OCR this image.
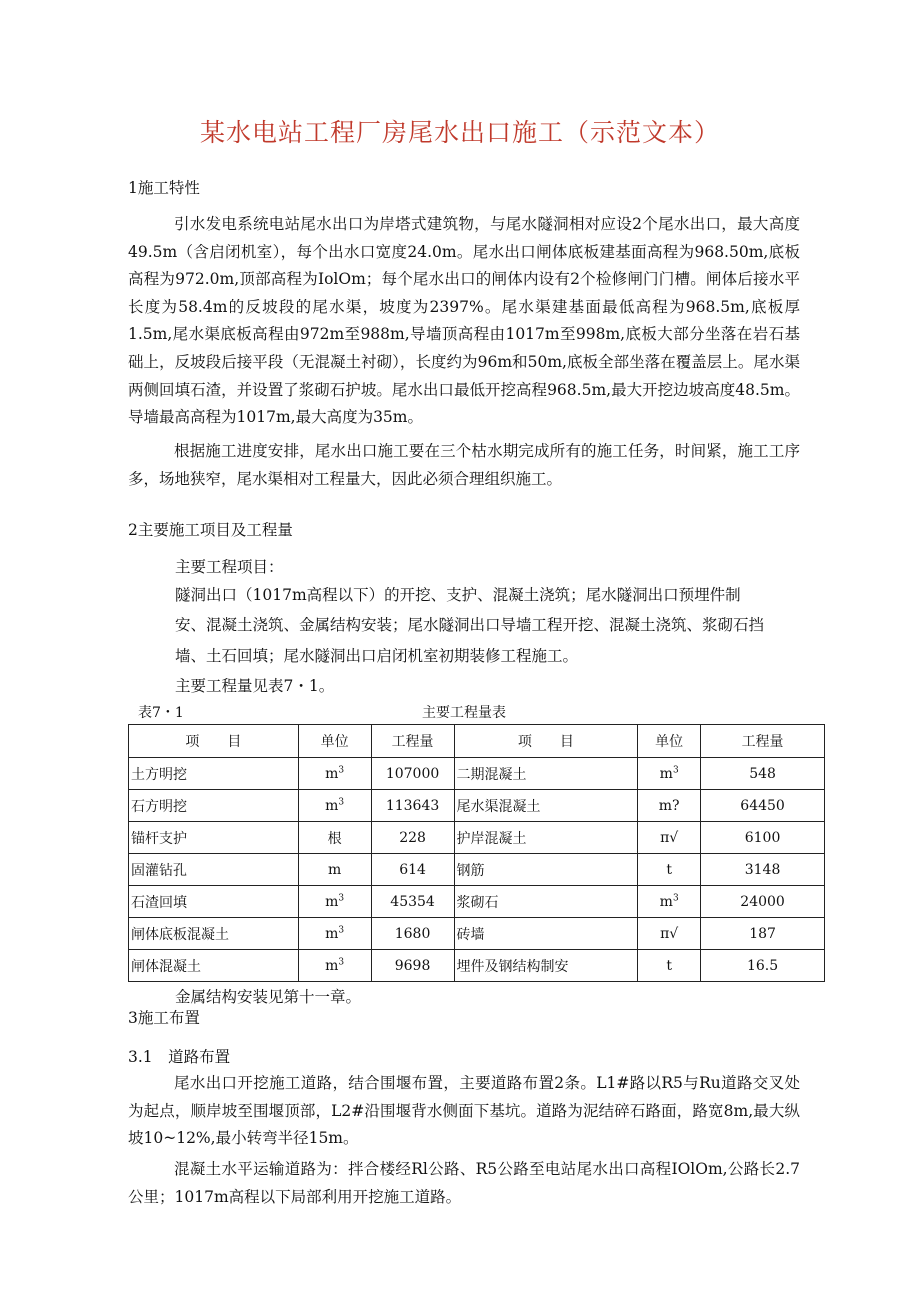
某水电站工程厂房尾水出口施工（示范文本）
1施工特性

引水发电系统电站尾水出口为岸塔式建筑物，与尾水隧洞相对应设2个尾水出口，最大高度49.5m（含启闭机室），每个出水口宽度24.0m。尾水出口闸体底板建基面高程为968.50m,底板高程为972.0m,顶部高程为IolOm；每个尾水出口的闸体内设有2个检修闸门门槽。闸体后接水平长度为58.4m的反坡段的尾水渠，坡度为2397%。尾水渠建基面最低高程为968.5m,底板厚1.5m,尾水渠底板高程由972m至988m,导墙顶高程由1017m至998m,底板大部分坐落在岩石基础上，反坡段后接平段（无混凝土衬砌），长度约为96m和50m,底板全部坐落在覆盖层上。尾水渠两侧回填石渣，并设置了浆砌石护坡。尾水出口最低开挖高程968.5m,最大开挖边坡高度48.5m。导墙最高高程为1017m,最大高度为35m。

根据施工进度安排，尾水出口施工要在三个枯水期完成所有的施工任务，时间紧，施工工序多，场地狭窄，尾水渠相对工程量大，因此必须合理组织施工。

2主要施工项目及工程量
主要工程项目：
隧洞出口（1017m高程以下）的开挖、支护、混凝土浇筑；尾水隧洞出口预埋件制
安、混凝土浇筑、金属结构安装；尾水隧洞出口导墙工程开挖、混凝土浇筑、浆砌石挡
墙、土石回填；尾水隧洞出口启闭机室初期装修工程施工。
主要工程量见表7・1。
表7・1	主要工程量表
项　　目	单位	工程量	项　　目	单位	工程量
土方明挖	$m^3$	107000	二期混凝土	$m^3$	548
石方明挖	$m^3$	113643	尾水渠混凝土	m?	64450
锚杆支护	根	228	护岸混凝土	π√	6100
固灌钻孔	m	614	钢筋	t	3148
石渣回填	$m^3$	45354	浆砌石	$m^3$	24000
闸体底板混凝土	$m^3$	1680	砖墙	π√	187
闸体混凝土	$m^3$	9698	埋件及钢结构制安	t	16.5
金属结构安装见第十一章。
3施工布置
3.1　道路布置

尾水出口开挖施工道路，结合围堰布置，主要道路布置2条。L1#路以R5与Ru道路交叉处为起点，顺岸坡至围堰顶部，L2#沿围堰背水侧面下基坑。道路为泥结碎石路面，路宽8m,最大纵坡10~12%,最小转弯半径15m。

混凝土水平运输道路为：拌合楼经Rl公路、R5公路至电站尾水出口高程IOlOm,公路长2.7公里；1017m高程以下局部利用开挖施工道路。
